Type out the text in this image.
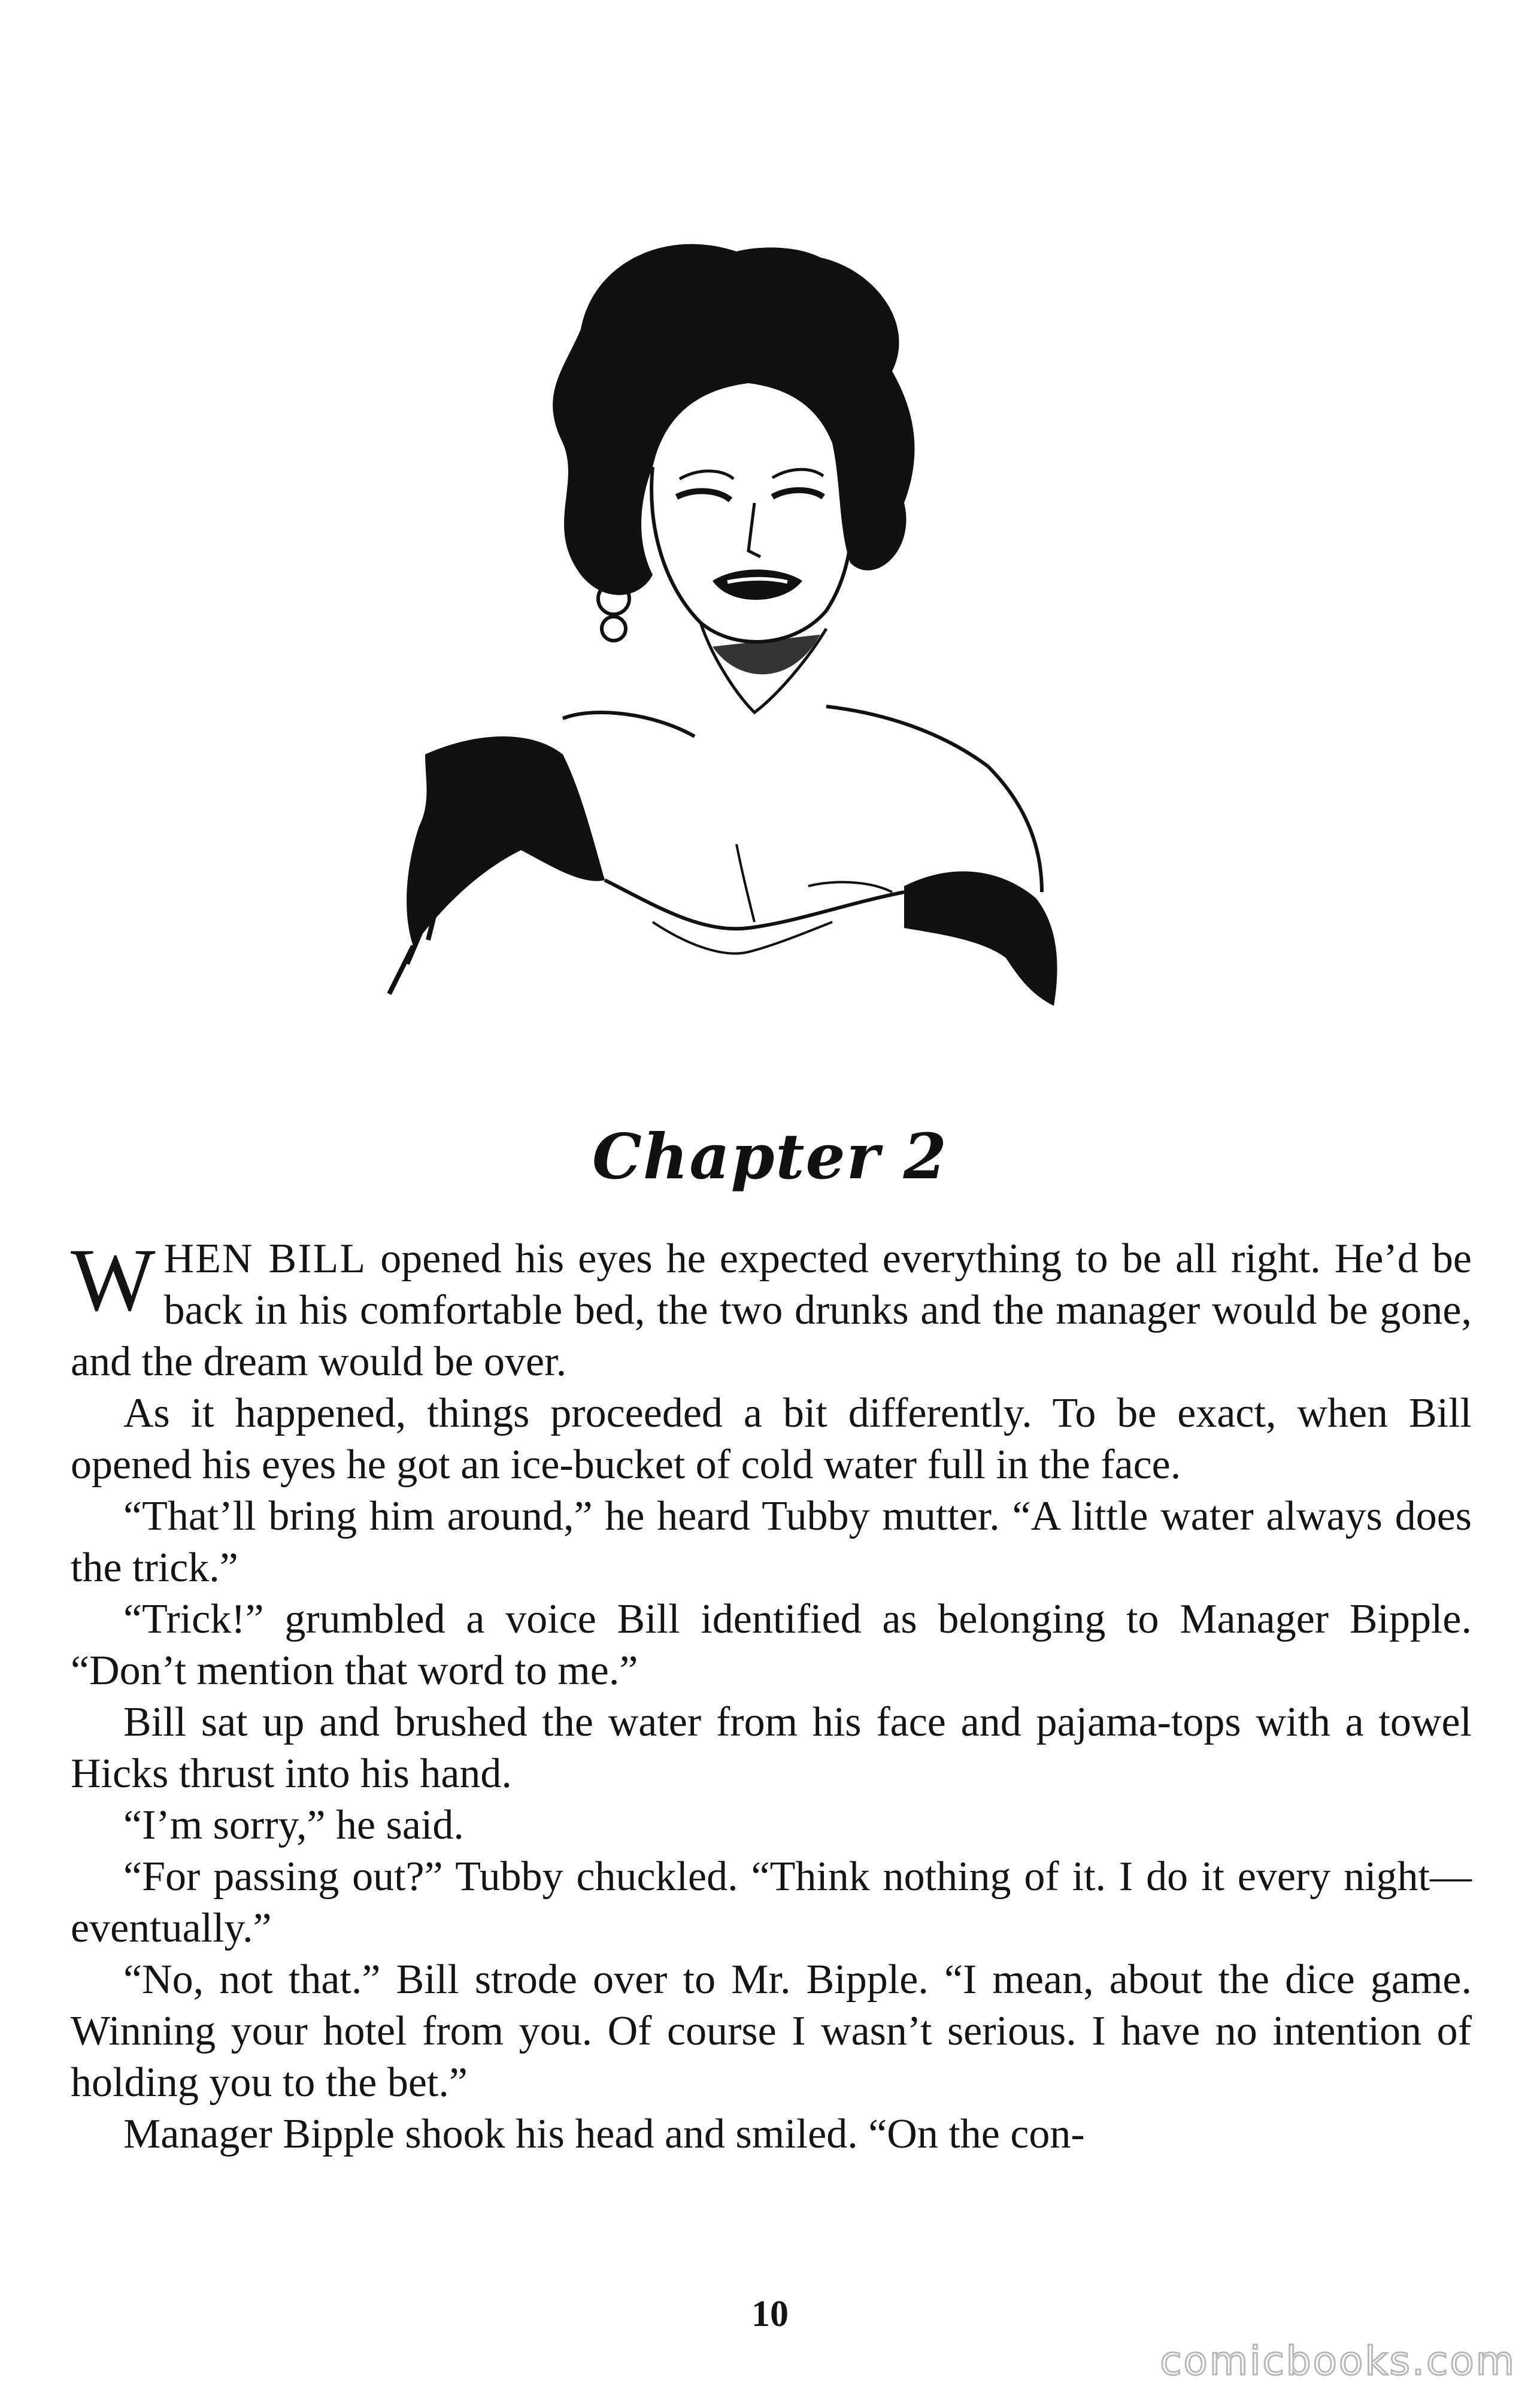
Chapter 2

WHEN BILL opened his eyes he expected everything to be all right. He’d be back in his comfortable bed, the two drunks and the manager would be gone, and the dream would be over.

As it happened, things proceeded a bit differently. To be exact, when Bill opened his eyes he got an ice-bucket of cold water full in the face.

“That’ll bring him around,” he heard Tubby mutter. “A little water always does the trick.”

“Trick!” grumbled a voice Bill identified as belonging to Manager Bipple. “Don’t mention that word to me.”

Bill sat up and brushed the water from his face and pajama-tops with a towel Hicks thrust into his hand.

“I’m sorry,” he said.

“For passing out?” Tubby chuckled. “Think nothing of it. I do it every night—eventually.”

“No, not that.” Bill strode over to Mr. Bipple. “I mean, about the dice game. Winning your hotel from you. Of course I wasn’t serious. I have no intention of holding you to the bet.”

Manager Bipple shook his head and smiled. “On the con-

10
comicbooks.com
